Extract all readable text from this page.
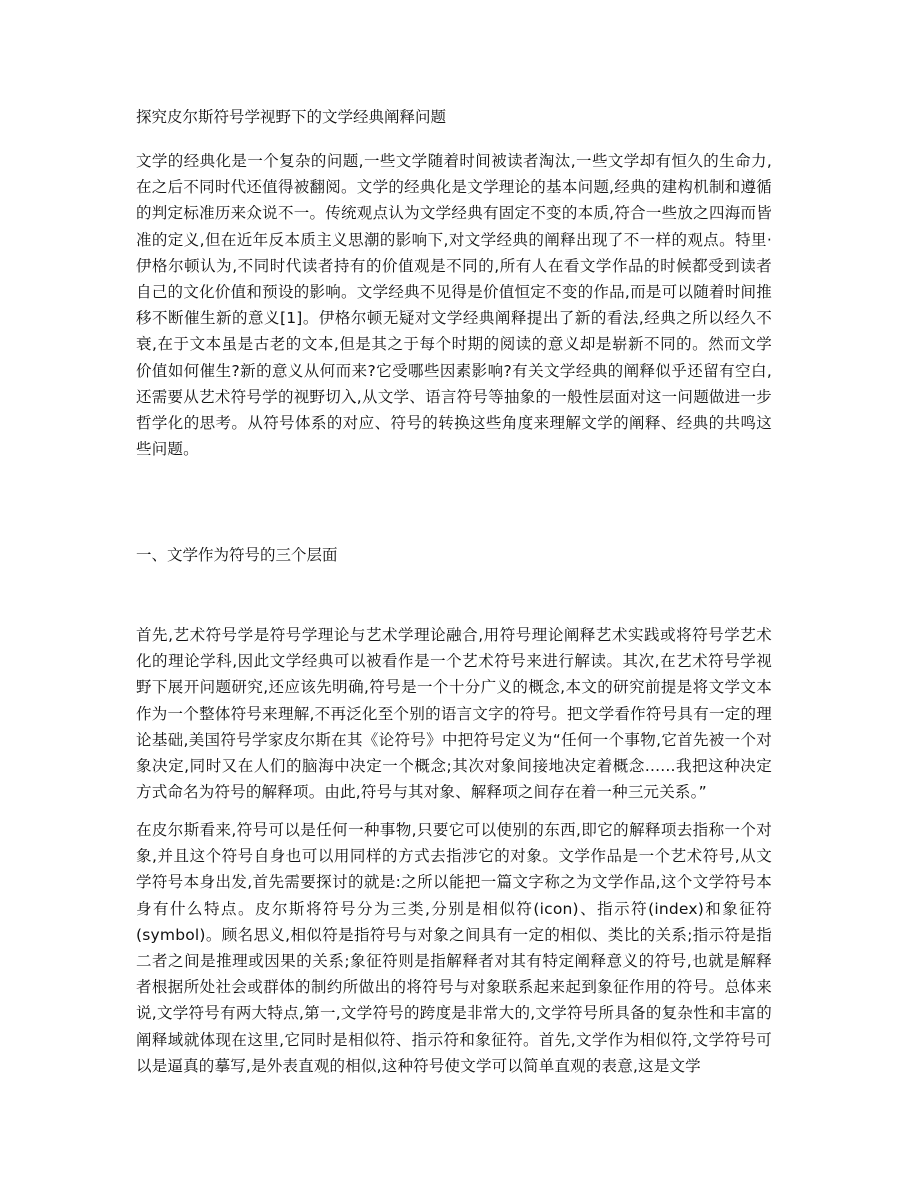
探究皮尔斯符号学视野下的文学经典阐释问题

文学的经典化是一个复杂的问题,一些文学随着时间被读者淘汰,一些文学却有恒久的生命力,在之后不同时代还值得被翻阅。文学的经典化是文学理论的基本问题,经典的建构机制和遵循的判定标准历来众说不一。传统观点认为文学经典有固定不变的本质,符合一些放之四海而皆准的定义,但在近年反本质主义思潮的影响下,对文学经典的阐释出现了不一样的观点。特里·伊格尔顿认为,不同时代读者持有的价值观是不同的,所有人在看文学作品的时候都受到读者自己的文化价值和预设的影响。文学经典不见得是价值恒定不变的作品,而是可以随着时间推移不断催生新的意义[1]。伊格尔顿无疑对文学经典阐释提出了新的看法,经典之所以经久不衰,在于文本虽是古老的文本,但是其之于每个时期的阅读的意义却是崭新不同的。然而文学价值如何催生?新的意义从何而来?它受哪些因素影响?有关文学经典的阐释似乎还留有空白,还需要从艺术符号学的视野切入,从文学、语言符号等抽象的一般性层面对这一问题做进一步哲学化的思考。从符号体系的对应、符号的转换这些角度来理解文学的阐释、经典的共鸣这些问题。

一、文学作为符号的三个层面

首先,艺术符号学是符号学理论与艺术学理论融合,用符号理论阐释艺术实践或将符号学艺术化的理论学科,因此文学经典可以被看作是一个艺术符号来进行解读。其次,在艺术符号学视野下展开问题研究,还应该先明确,符号是一个十分广义的概念,本文的研究前提是将文学文本作为一个整体符号来理解,不再泛化至个别的语言文字的符号。把文学看作符号具有一定的理论基础,美国符号学家皮尔斯在其《论符号》中把符号定义为“任何一个事物,它首先被一个对象决定,同时又在人们的脑海中决定一个概念;其次对象间接地决定着概念......我把这种决定方式命名为符号的解释项。由此,符号与其对象、解释项之间存在着一种三元关系。”

在皮尔斯看来,符号可以是任何一种事物,只要它可以使别的东西,即它的解释项去指称一个对象,并且这个符号自身也可以用同样的方式去指涉它的对象。文学作品是一个艺术符号,从文学符号本身出发,首先需要探讨的就是:之所以能把一篇文字称之为文学作品,这个文学符号本身有什么特点。皮尔斯将符号分为三类,分别是相似符(icon)、指示符(index)和象征符(symbol)。顾名思义,相似符是指符号与对象之间具有一定的相似、类比的关系;指示符是指二者之间是推理或因果的关系;象征符则是指解释者对其有特定阐释意义的符号,也就是解释者根据所处社会或群体的制约所做出的将符号与对象联系起来起到象征作用的符号。总体来说,文学符号有两大特点,第一,文学符号的跨度是非常大的,文学符号所具备的复杂性和丰富的阐释域就体现在这里,它同时是相似符、指示符和象征符。首先,文学作为相似符,文学符号可以是逼真的摹写,是外表直观的相似,这种符号使文学可以简单直观的表意,这是文学
